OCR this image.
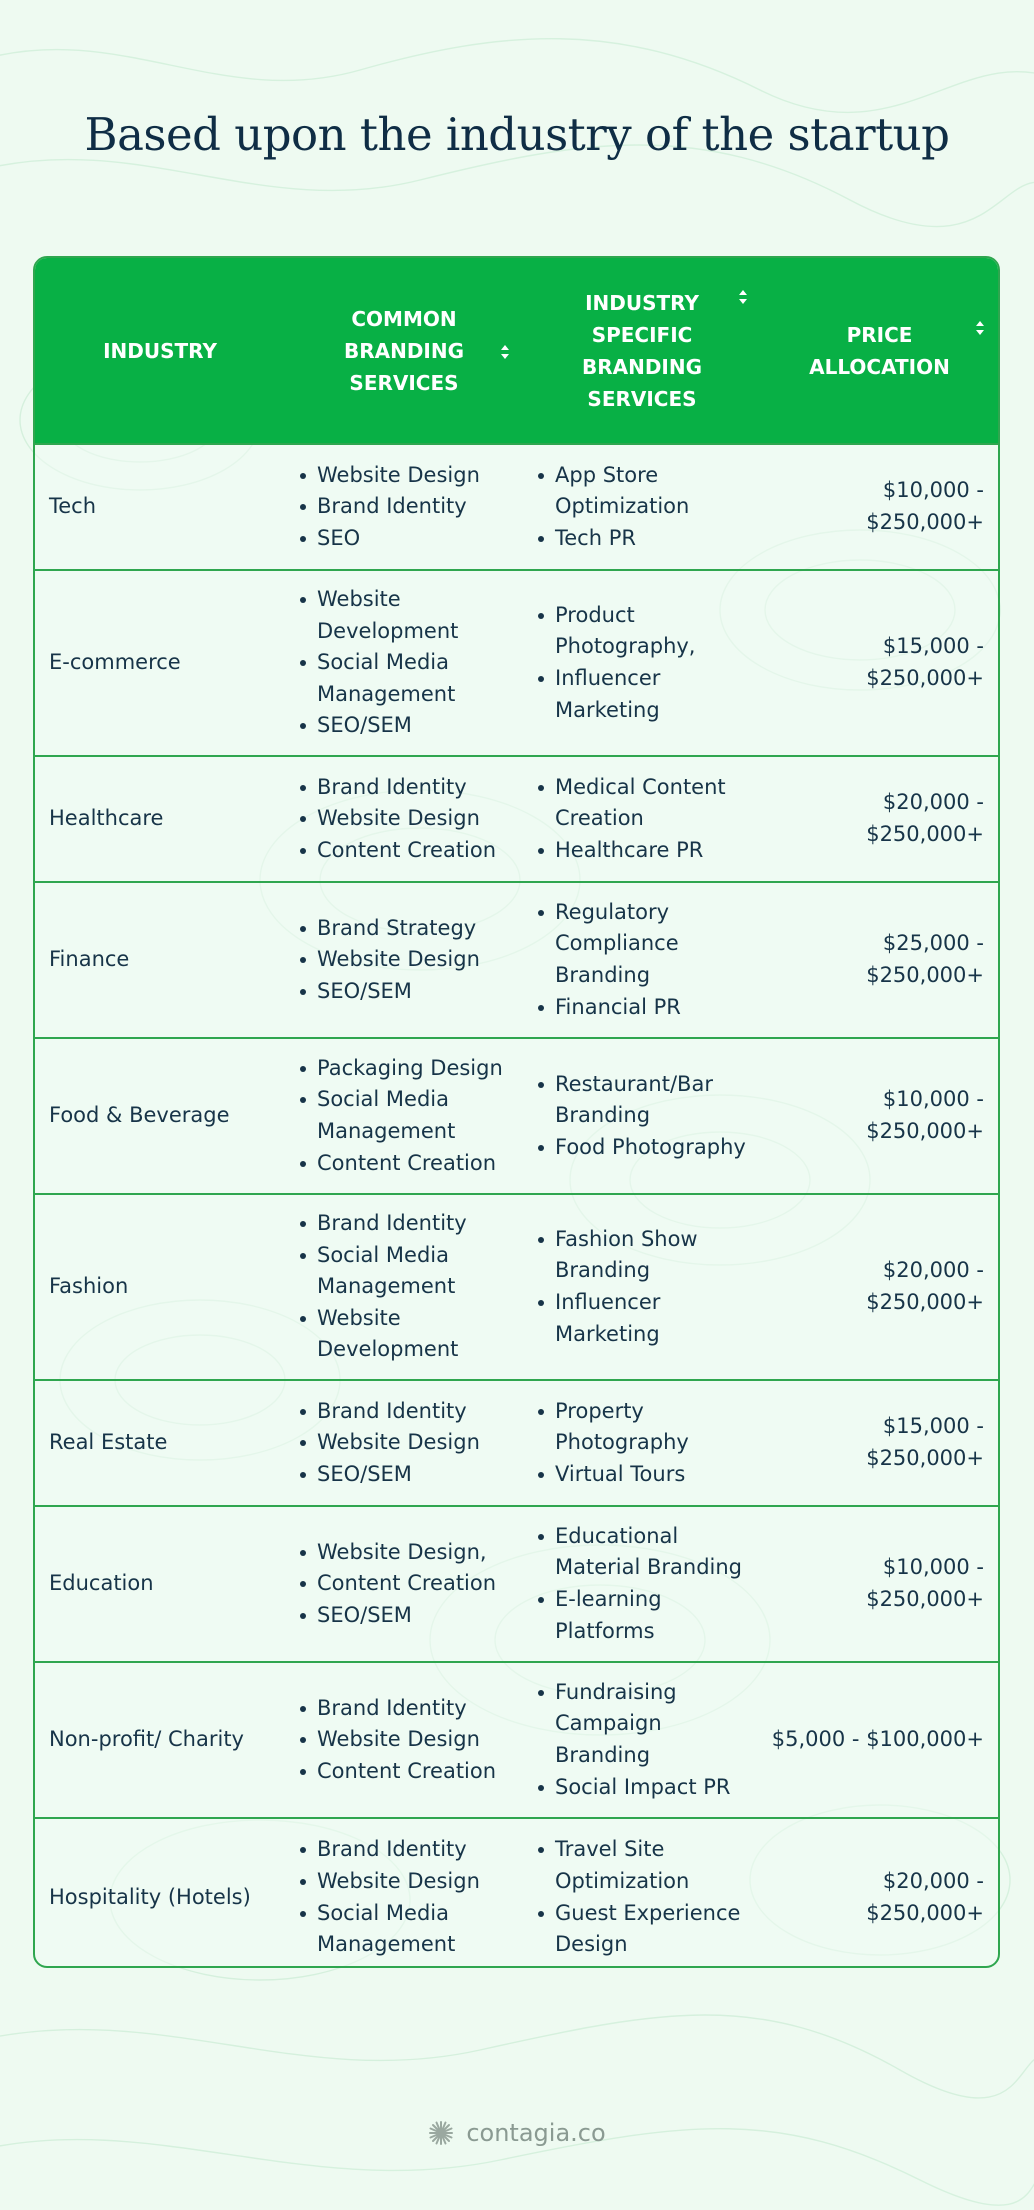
Based upon the industry of the startup
INDUSTRY
COMMON BRANDING SERVICES
INDUSTRY SPECIFIC BRANDING SERVICES
PRICE ALLOCATION
Tech
Website Design
Brand Identity
SEO
App Store Optimization
Tech PR
$10,000 - $250,000+
E-commerce
Website Development
Social Media Management
SEO/SEM
Product Photography,
Influencer Marketing
$15,000 - $250,000+
Healthcare
Brand Identity
Website Design
Content Creation
Medical Content Creation
Healthcare PR
$20,000 - $250,000+
Finance
Brand Strategy
Website Design
SEO/SEM
Regulatory Compliance Branding
Financial PR
$25,000 - $250,000+
Food & Beverage
Packaging Design
Social Media Management
Content Creation
Restaurant/Bar Branding
Food Photography
$10,000 - $250,000+
Fashion
Brand Identity
Social Media Management
Website Development
Fashion Show Branding
Influencer Marketing
$20,000 - $250,000+
Real Estate
Brand Identity
Website Design
SEO/SEM
Property Photography
Virtual Tours
$15,000 - $250,000+
Education
Website Design,
Content Creation
SEO/SEM
Educational Material Branding
E-learning Platforms
$10,000 - $250,000+
Non-profit/ Charity
Brand Identity
Website Design
Content Creation
Fundraising Campaign Branding
Social Impact PR
$5,000 - $100,000+
Hospitality (Hotels)
Brand Identity
Website Design
Social Media Management
Travel Site Optimization
Guest Experience Design
$20,000 - $250,000+
contagia.co
